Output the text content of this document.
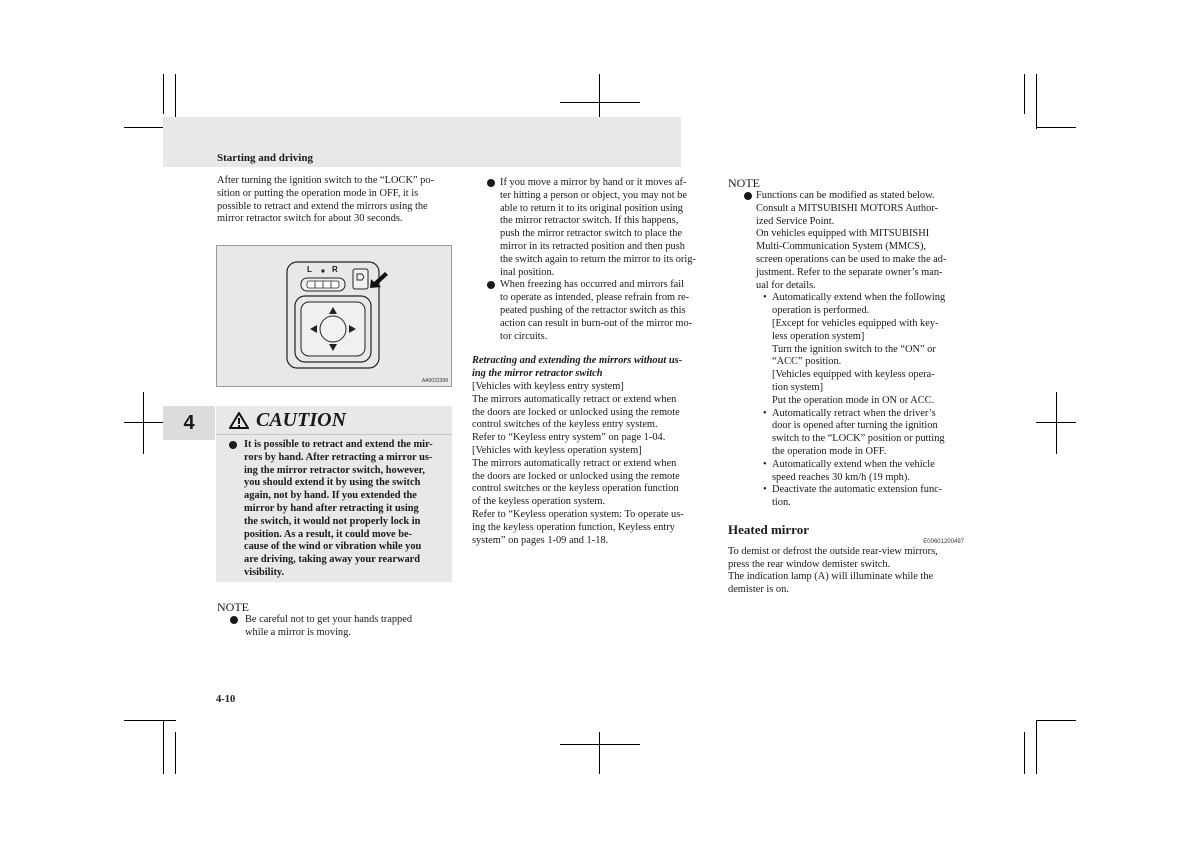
Starting and driving

After turning the ignition switch to the “LOCK” po-

sition or putting the operation mode in OFF, it is

possible to retract and extend the mirrors using the

mirror retractor switch for about 30 seconds.

L	R
AA0022398
4	CAUTION
It is possible to retract and extend the mir-
rors by hand. After retracting a mirror us-
ing the mirror retractor switch, however,
you should extend it by using the switch
again, not by hand. If you extended the
mirror by hand after retracting it using
the switch, it would not properly lock in
position. As a result, it could move be-
cause of the wind or vibration while you
are driving, taking away your rearward
visibility.
NOTE
Be careful not to get your hands trapped
while a mirror is moving.
4-10
If you move a mirror by hand or it moves af-
ter hitting a person or object, you may not be
able to return it to its original position using
the mirror retractor switch. If this happens,
push the mirror retractor switch to place the
mirror in its retracted position and then push
the switch again to return the mirror to its orig-
inal position.
When freezing has occurred and mirrors fail
to operate as intended, please refrain from re-
peated pushing of the retractor switch as this
action can result in burn-out of the mirror mo-
tor circuits.
Retracting and extending the mirrors without us-
ing the mirror retractor switch
[Vehicles with keyless entry system]
The mirrors automatically retract or extend when
the doors are locked or unlocked using the remote
control switches of the keyless entry system.
Refer to “Keyless entry system” on page 1-04.
[Vehicles with keyless operation system]
The mirrors automatically retract or extend when
the doors are locked or unlocked using the remote
control switches or the keyless operation function
of the keyless operation system.
Refer to “Keyless operation system: To operate us-
ing the keyless operation function, Keyless entry
system” on pages 1-09 and 1-18.
NOTE
Functions can be modified as stated below.
Consult a MITSUBISHI MOTORS Author-
ized Service Point.
On vehicles equipped with MITSUBISHI
Multi-Communication System (MMCS),
screen operations can be used to make the ad-
justment. Refer to the separate owner’s man-
ual for details.
• Automatically extend when the following
operation is performed.
[Except for vehicles equipped with key-
less operation system]
Turn the ignition switch to the “ON” or
“ACC” position.
[Vehicles equipped with keyless opera-
tion system]
Put the operation mode in ON or ACC.
• Automatically retract when the driver’s
door is opened after turning the ignition
switch to the “LOCK” position or putting
the operation mode in OFF.
• Automatically extend when the vehicle
speed reaches 30 km/h (19 mph).
• Deactivate the automatic extension func-
tion.
Heated mirror
E00601200497
To demist or defrost the outside rear-view mirrors,
press the rear window demister switch.
The indication lamp (A) will illuminate while the
demister is on.
